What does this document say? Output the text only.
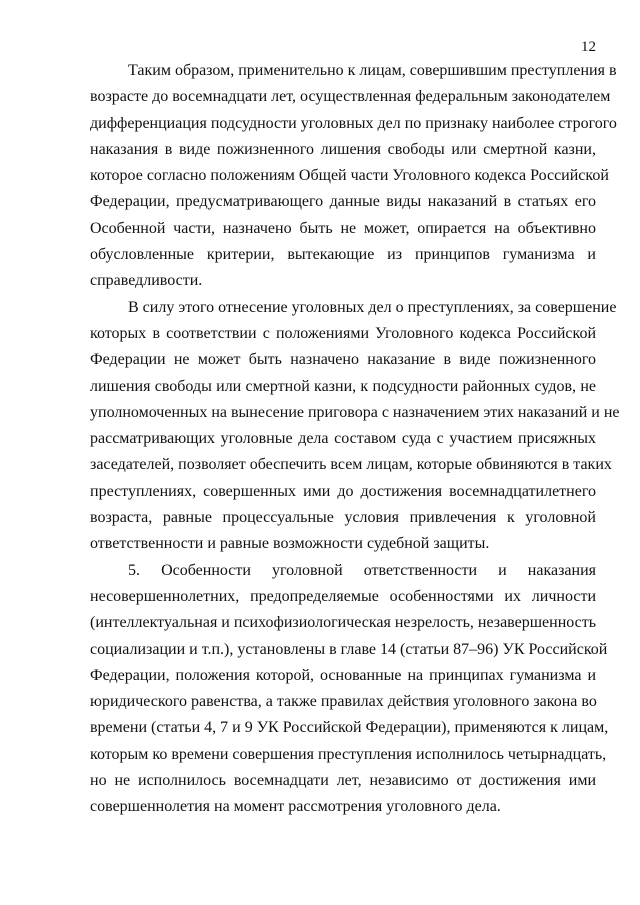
12
Таким образом, применительно к лицам, совершившим преступления в
возрасте до восемнадцати лет, осуществленная федеральным законодателем
дифференциация подсудности уголовных дел по признаку наиболее строгого
наказания в виде пожизненного лишения свободы или смертной казни,
которое согласно положениям Общей части Уголовного кодекса Российской
Федерации, предусматривающего данные виды наказаний в статьях его
Особенной части, назначено быть не может, опирается на объективно
обусловленные критерии, вытекающие из принципов гуманизма и
справедливости.
В силу этого отнесение уголовных дел о преступлениях, за совершение
которых в соответствии с положениями Уголовного кодекса Российской
Федерации не может быть назначено наказание в виде пожизненного
лишения свободы или смертной казни, к подсудности районных судов, не
уполномоченных на вынесение приговора с назначением этих наказаний и не
рассматривающих уголовные дела составом суда с участием присяжных
заседателей, позволяет обеспечить всем лицам, которые обвиняются в таких
преступлениях, совершенных ими до достижения восемнадцатилетнего
возраста, равные процессуальные условия привлечения к уголовной
ответственности и равные возможности судебной защиты.
5. Особенности уголовной ответственности и наказания
несовершеннолетних, предопределяемые особенностями их личности
(интеллектуальная и психофизиологическая незрелость, незавершенность
социализации и т.п.), установлены в главе 14 (статьи 87–96) УК Российской
Федерации, положения которой, основанные на принципах гуманизма и
юридического равенства, а также правилах действия уголовного закона во
времени (статьи 4, 7 и 9 УК Российской Федерации), применяются к лицам,
которым ко времени совершения преступления исполнилось четырнадцать,
но не исполнилось восемнадцати лет, независимо от достижения ими
совершеннолетия на момент рассмотрения уголовного дела.
